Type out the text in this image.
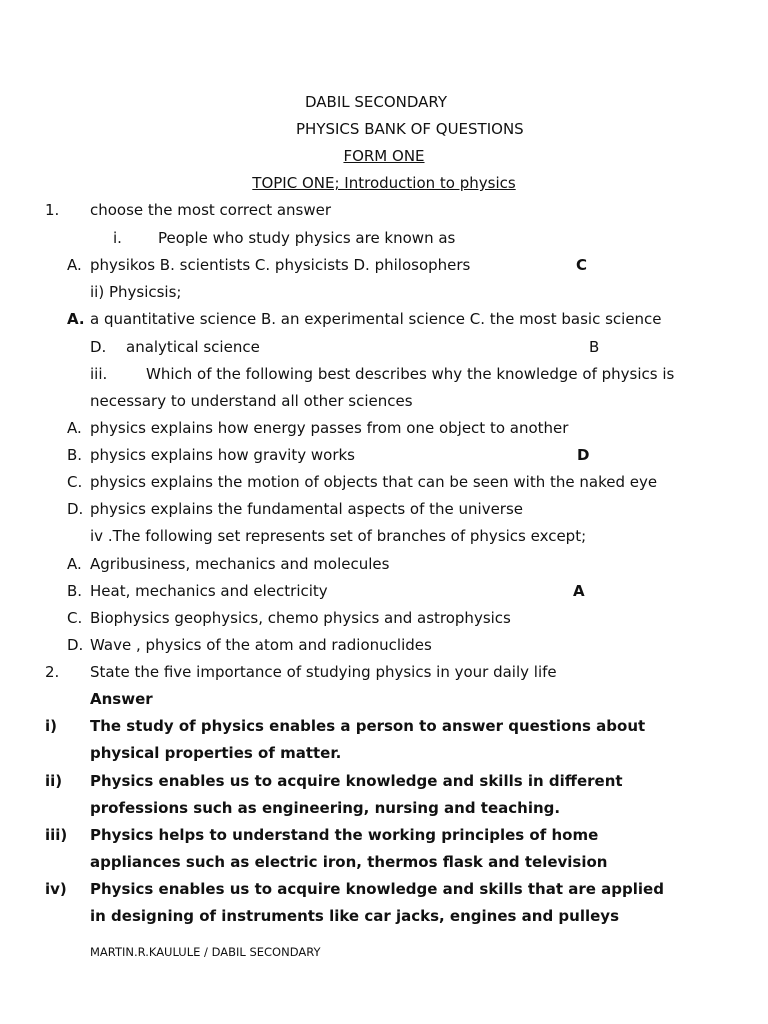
DABIL SECONDARY
PHYSICS BANK OF QUESTIONS
FORM ONE
TOPIC ONE; Introduction to physics
1. choose the most correct answer
i. People who study physics are known as
A. physikos B. scientists C. physicists D. philosophers	C
ii) Physicsis;
A. a quantitative science B. an experimental science C. the most basic science
D. analytical science	B
iii.	Which of the following best describes why the knowledge of physics is
necessary to understand all other sciences
A. physics explains how energy passes from one object to another
B. physics explains how gravity works	D
C. physics explains the motion of objects that can be seen with the naked eye
D. physics explains the fundamental aspects of the universe
iv .The following set represents set of branches of physics except;
A. Agribusiness, mechanics and molecules
B. Heat, mechanics and electricity	A
C. Biophysics geophysics, chemo physics and astrophysics
D. Wave , physics of the atom and radionuclides
2. State the five importance of studying physics in your daily life
Answer
i) The study of physics enables a person to answer questions about
physical properties of matter.
ii) Physics enables us to acquire knowledge and skills in different
professions such as engineering, nursing and teaching.
iii) Physics helps to understand the working principles of home
appliances such as electric iron, thermos flask and television
iv) Physics enables us to acquire knowledge and skills that are applied
in designing of instruments like car jacks, engines and pulleys
MARTIN.R.KAULULE / DABIL SECONDARY
